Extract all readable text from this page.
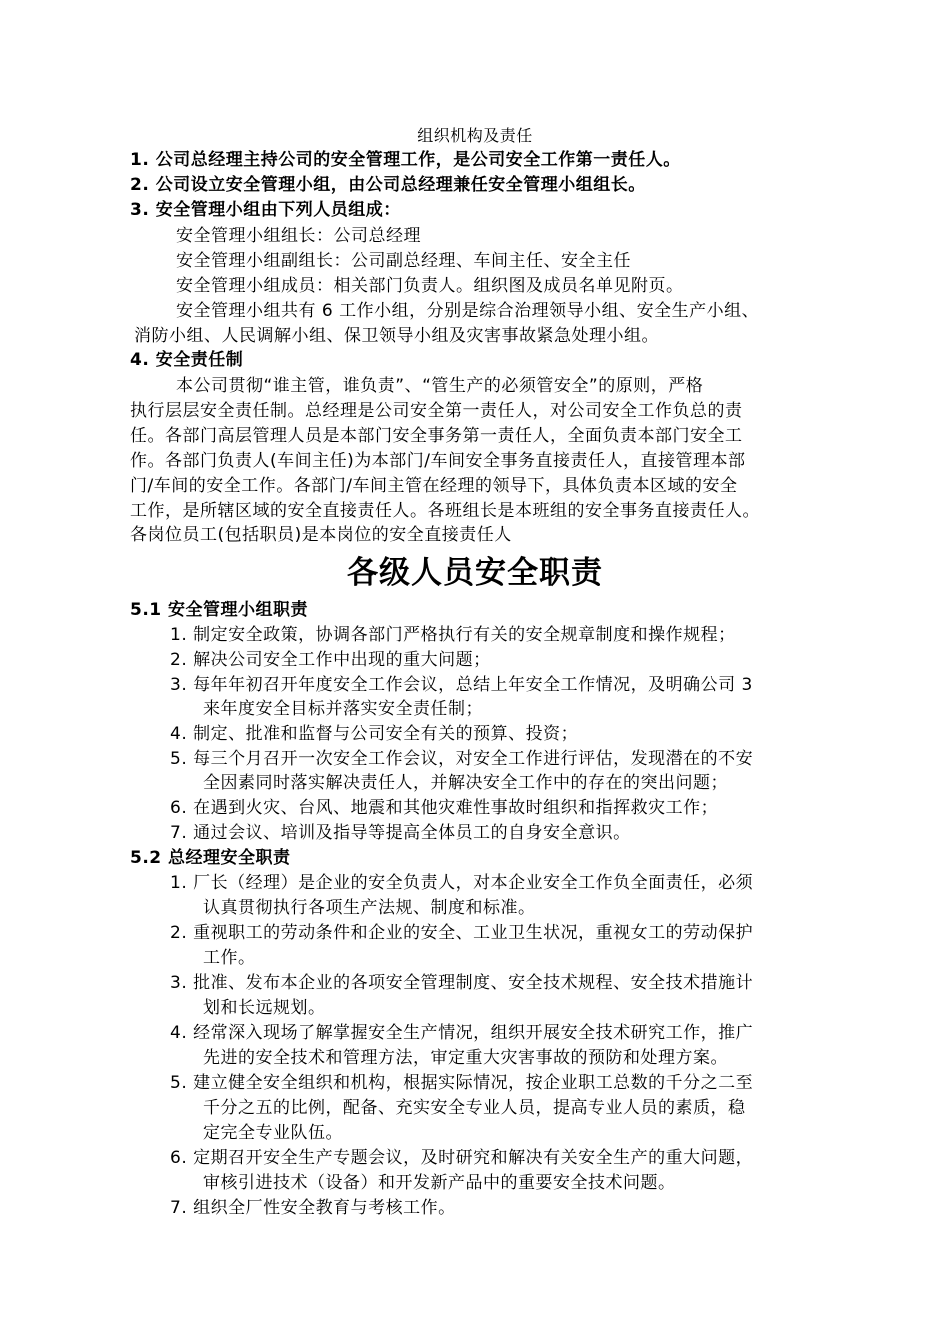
组织机构及责任
1. 公司总经理主持公司的安全管理工作，是公司安全工作第一责任人。
2. 公司设立安全管理小组，由公司总经理兼任安全管理小组组长。
3. 安全管理小组由下列人员组成：
安全管理小组组长：公司总经理
安全管理小组副组长：公司副总经理、车间主任、安全主任
安全管理小组成员：相关部门负责人。组织图及成员名单见附页。
安全管理小组共有 6 工作小组，分别是综合治理领导小组、安全生产小组、
消防小组、人民调解小组、保卫领导小组及灾害事故紧急处理小组。
4. 安全责任制
本公司贯彻“谁主管，谁负责”、“管生产的必须管安全”的原则，严格
执行层层安全责任制。总经理是公司安全第一责任人，对公司安全工作负总的责
任。各部门高层管理人员是本部门安全事务第一责任人，全面负责本部门安全工
作。各部门负责人(车间主任)为本部门/车间安全事务直接责任人，直接管理本部
门/车间的安全工作。各部门/车间主管在经理的领导下，具体负责本区域的安全
工作，是所辖区域的安全直接责任人。各班组长是本班组的安全事务直接责任人。
各岗位员工(包括职员)是本岗位的安全直接责任人
各级人员安全职责
5.1 安全管理小组职责
1. 制定安全政策，协调各部门严格执行有关的安全规章制度和操作规程；
2. 解决公司安全工作中出现的重大问题；
3. 每年年初召开年度安全工作会议，总结上年安全工作情况，及明确公司 3
来年度安全目标并落实安全责任制；
4. 制定、批准和监督与公司安全有关的预算、投资；
5. 每三个月召开一次安全工作会议，对安全工作进行评估，发现潜在的不安
全因素同时落实解决责任人，并解决安全工作中的存在的突出问题；
6. 在遇到火灾、台风、地震和其他灾难性事故时组织和指挥救灾工作；
7. 通过会议、培训及指导等提高全体员工的自身安全意识。
5.2 总经理安全职责
1. 厂长（经理）是企业的安全负责人，对本企业安全工作负全面责任，必须
认真贯彻执行各项生产法规、制度和标准。
2. 重视职工的劳动条件和企业的安全、工业卫生状况，重视女工的劳动保护
工作。
3. 批准、发布本企业的各项安全管理制度、安全技术规程、安全技术措施计
划和长远规划。
4. 经常深入现场了解掌握安全生产情况，组织开展安全技术研究工作，推广
先进的安全技术和管理方法，审定重大灾害事故的预防和处理方案。
5. 建立健全安全组织和机构，根据实际情况，按企业职工总数的千分之二至
千分之五的比例，配备、充实安全专业人员，提高专业人员的素质，稳
定完全专业队伍。
6. 定期召开安全生产专题会议，及时研究和解决有关安全生产的重大问题，
审核引进技术（设备）和开发新产品中的重要安全技术问题。
7. 组织全厂性安全教育与考核工作。
